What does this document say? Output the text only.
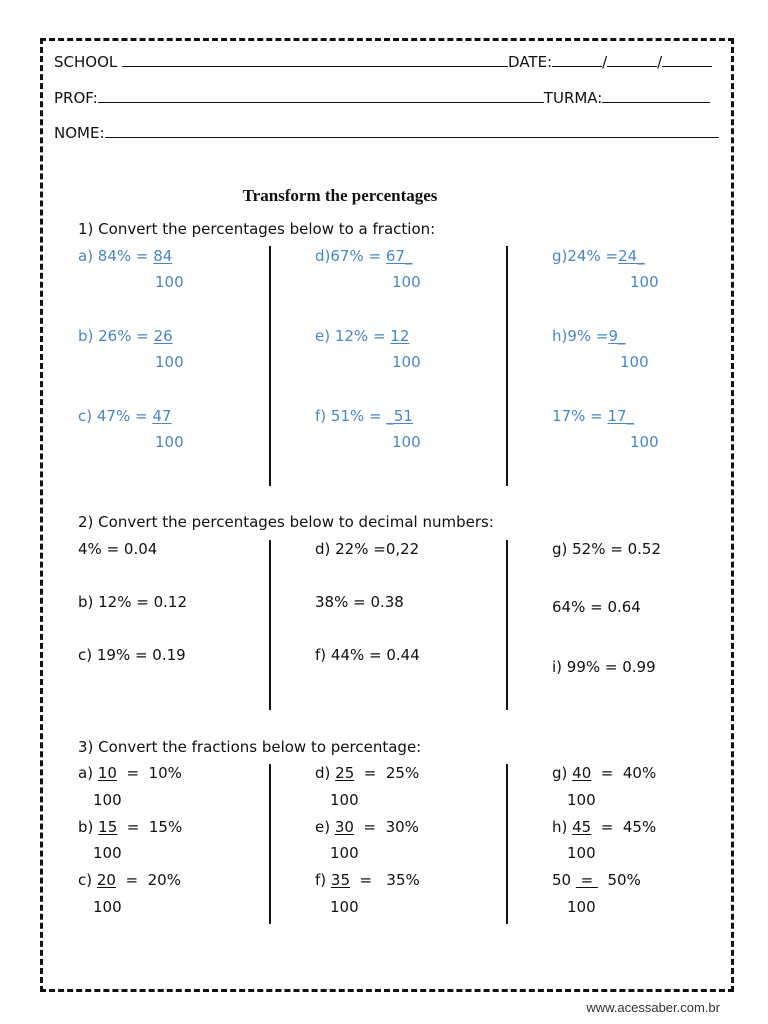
SCHOOL	DATE:	/	/
PROF:	TURMA:
NOME:
Transform the percentages
1) Convert the percentages below to a fraction:
a) 84% = 84
100
b) 26% = 26
100
c) 47% = 47
100
d)67% = 67_
100
e) 12% = 12
100
f) 51% = _51
100
g)24% =24_
100
h)9% =9_
100
17% = 17_
100
2) Convert the percentages below to decimal numbers:
4% = 0.04
b) 12% = 0.12
c) 19% = 0.19
d) 22% =0,22
38% = 0.38
f) 44% = 0.44
g) 52% = 0.52
64% = 0.64
i) 99% = 0.99
3) Convert the fractions below to percentage:
a) 10  =  10%
100
b) 15  =  15%
100
c) 20  =  20%
100
d) 25  =  25%
100
e) 30  =  30%
100
f) 35  =   35%
100
g) 40  =  40%
100
h) 45  =  45%
100
50  =   50%
100
www.acessaber.com.br
